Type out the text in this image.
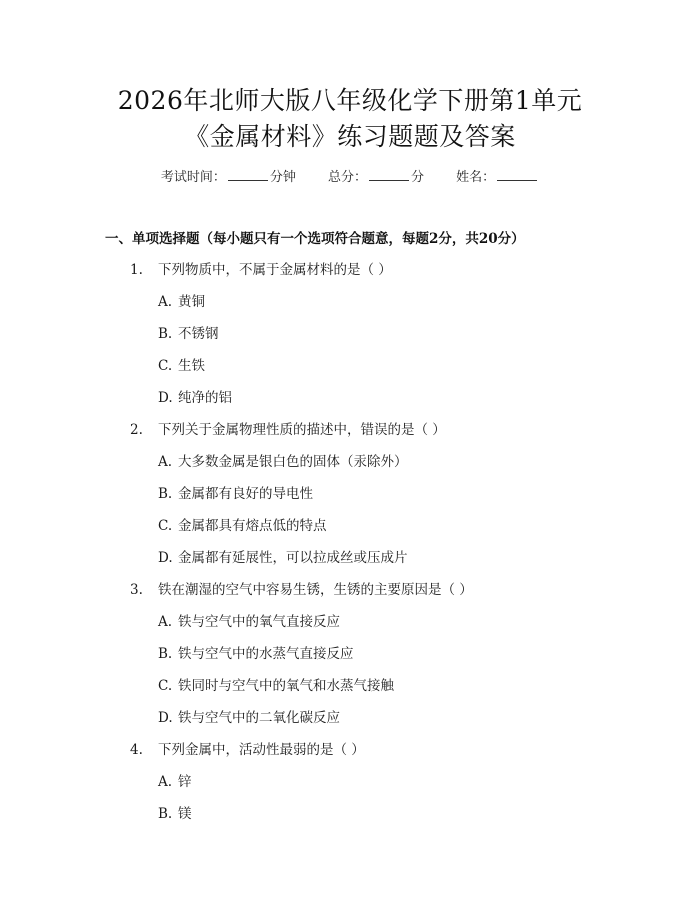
2026年北师大版八年级化学下册第1单元
《金属材料》练习题题及答案
考试时间：	分钟 总分：	分 姓名：
一、单项选择题（每小题只有一个选项符合题意，每题2分，共20分）
1. 下列物质中，不属于金属材料的是（ ）
A. 黄铜
B. 不锈钢
C. 生铁
D. 纯净的铝
2. 下列关于金属物理性质的描述中，错误的是（ ）
A. 大多数金属是银白色的固体（汞除外）
B. 金属都有良好的导电性
C. 金属都具有熔点低的特点
D. 金属都有延展性，可以拉成丝或压成片
3. 铁在潮湿的空气中容易生锈，生锈的主要原因是（ ）
A. 铁与空气中的氧气直接反应
B. 铁与空气中的水蒸气直接反应
C. 铁同时与空气中的氧气和水蒸气接触
D. 铁与空气中的二氧化碳反应
4. 下列金属中，活动性最弱的是（ ）
A. 锌
B. 镁
